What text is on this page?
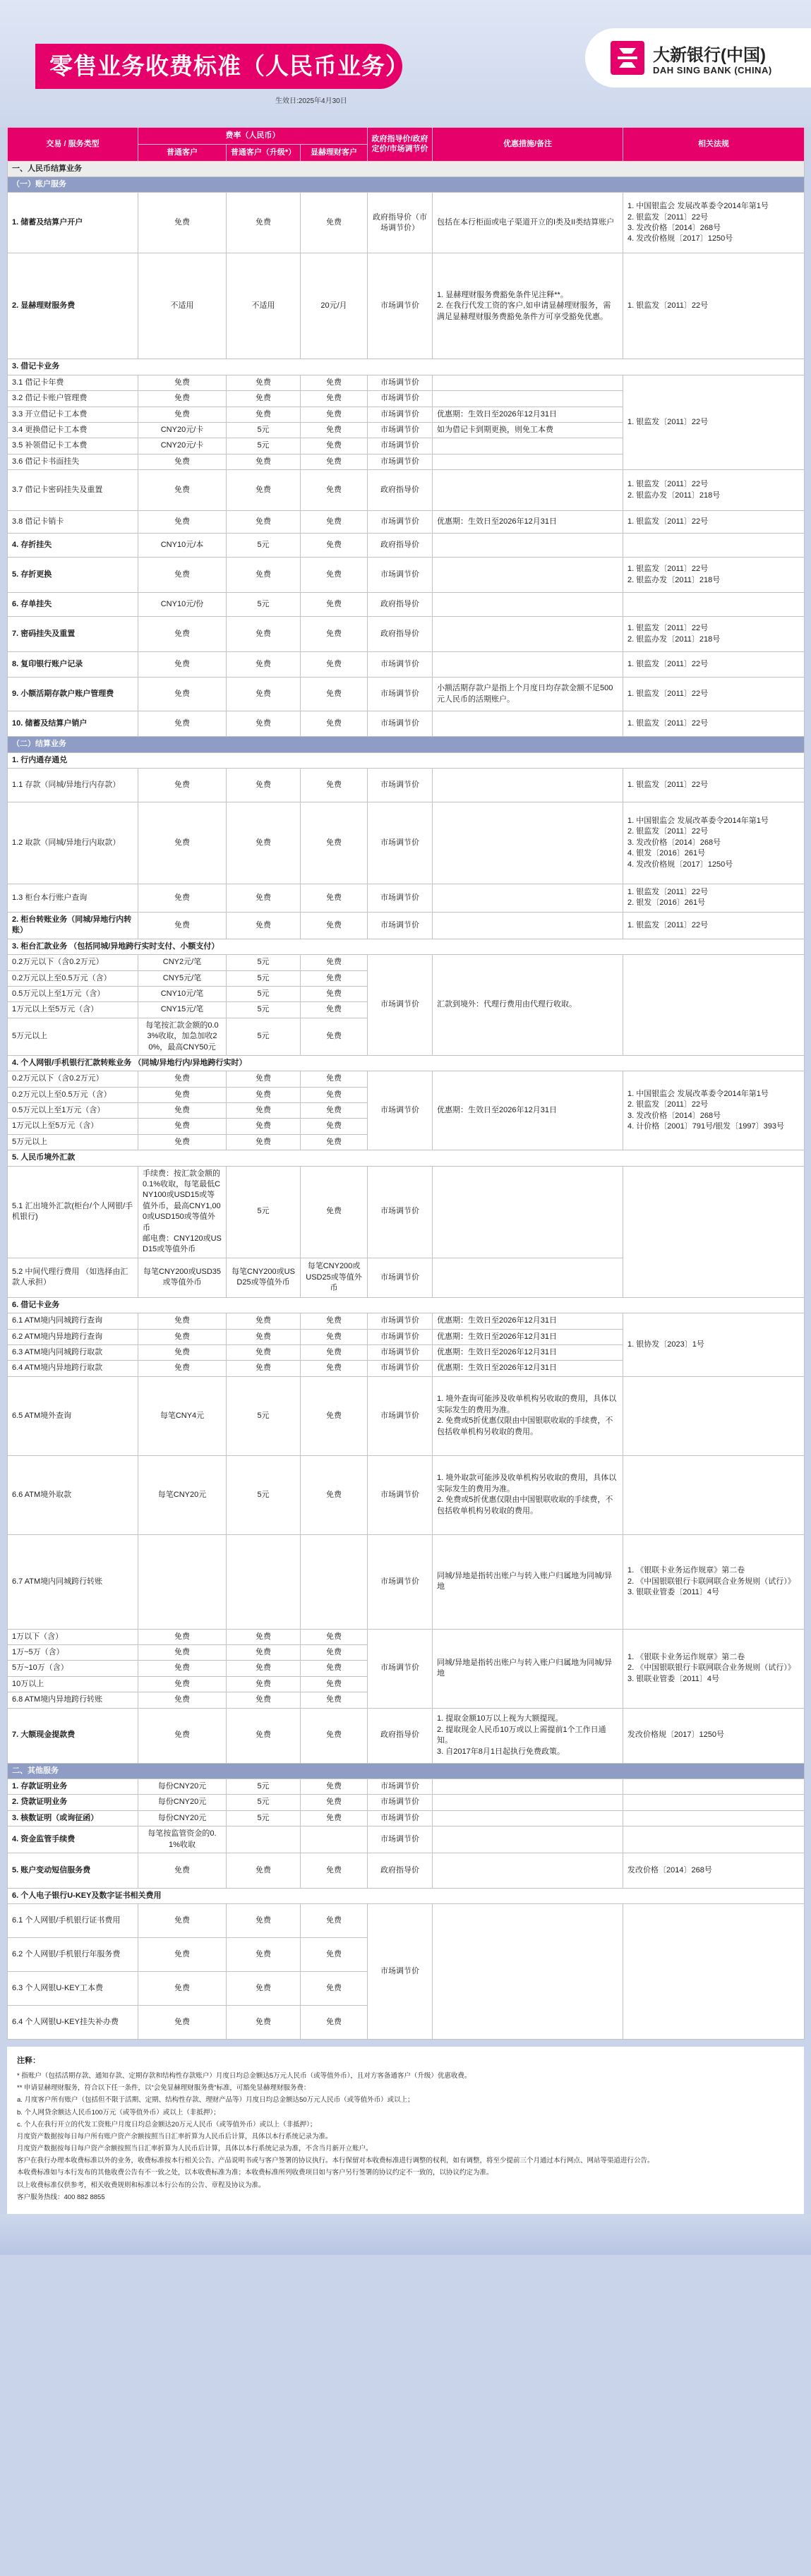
零售业务收费标准（人民币业务）
生效日:2025年4月30日
大新银行(中国)
DAH SING BANK (CHINA)
交易 / 服务类型	费率（人民币）			政府指导价/政府定价/市场调节价	优惠措施/备注	相关法规
	普通客户	普通客户（升级*）	显赫理财客户			
一、人民币结算业务						
（一）账户服务						
1. 储蓄及结算户开户	免费	免费	免费	政府指导价（市场调节价）	包括在本行柜面或电子渠道开立的I类及II类结算账户	1. 中国银监会 发展改革委令2014年第1号
2. 银监发〔2011〕22号
3. 发改价格〔2014〕268号
4. 发改价格规〔2017〕1250号
2. 显赫理财服务费	不适用	不适用	20元/月	市场调节价	1. 显赫理财服务费豁免条件见注释**。
2. 在我行代发工资的客户,如申请显赫理财服务，需满足显赫理财服务费豁免条件方可享受豁免优惠。	1. 银监发〔2011〕22号
3. 借记卡业务						
3.1 借记卡年费	免费	免费	免费	市场调节价		1. 银监发〔2011〕22号
3.2 借记卡账户管理费	免费	免费	免费	市场调节价		
3.3 开立借记卡工本费	免费	免费	免费	市场调节价	优惠期：生效日至2026年12月31日	
3.4 更换借记卡工本费	CNY20元/卡	5元	免费	市场调节价	如为借记卡到期更换，则免工本费	
3.5 补领借记卡工本费	CNY20元/卡	5元	免费	市场调节价		
3.6 借记卡书面挂失	免费	免费	免费	市场调节价		
3.7 借记卡密码挂失及重置	免费	免费	免费	政府指导价		1. 银监发〔2011〕22号
2. 银监办发〔2011〕218号
3.8 借记卡销卡	免费	免费	免费	市场调节价	优惠期：生效日至2026年12月31日	1. 银监发〔2011〕22号
4. 存折挂失	CNY10元/本	5元	免费	政府指导价		
5. 存折更换	免费	免费	免费	市场调节价		1. 银监发〔2011〕22号
2. 银监办发〔2011〕218号
6. 存单挂失	CNY10元/份	5元	免费	政府指导价		
7. 密码挂失及重置	免费	免费	免费	政府指导价		1. 银监发〔2011〕22号
2. 银监办发〔2011〕218号
8. 复印银行账户记录	免费	免费	免费	市场调节价		1. 银监发〔2011〕22号
9. 小额活期存款户账户管理费	免费	免费	免费	市场调节价	小额活期存款户是指上个月度日均存款金额不足500元人民币的活期账户。	1. 银监发〔2011〕22号
10. 储蓄及结算户销户	免费	免费	免费	市场调节价		1. 银监发〔2011〕22号
（二）结算业务						
1. 行内通存通兑						
1.1 存款（同城/异地行内存款）	免费	免费	免费	市场调节价		1. 银监发〔2011〕22号
1.2 取款（同城/异地行内取款）	免费	免费	免费	市场调节价		1. 中国银监会 发展改革委令2014年第1号
2. 银监发〔2011〕22号
3. 发改价格〔2014〕268号
4. 银发〔2016〕261号
4. 发改价格规〔2017〕1250号
1.3 柜台本行账户查询	免费	免费	免费	市场调节价		1. 银监发〔2011〕22号
2. 银发〔2016〕261号
2. 柜台转账业务（同城/异地行内转账）	免费	免费	免费	市场调节价		1. 银监发〔2011〕22号
3. 柜台汇款业务 （包括同城/异地跨行实时支付、小额支付）						
0.2万元以下（含0.2万元）	CNY2元/笔	5元	免费	市场调节价	汇款到境外：代理行费用由代理行收取。	
0.2万元以上至0.5万元（含）	CNY5元/笔	5元	免费			
0.5万元以上至1万元（含）	CNY10元/笔	5元	免费			
1万元以上至5万元（含）	CNY15元/笔	5元	免费			
5万元以上	每笔按汇款金额的0.03%收取，加急加收20%，最高CNY50元	5元	免费			
4. 个人网银/手机银行汇款转账业务 （同城/异地行内/异地跨行实时）						
0.2万元以下（含0.2万元）	免费	免费	免费	市场调节价	优惠期：生效日至2026年12月31日	1. 中国银监会 发展改革委令2014年第1号
2. 银监发〔2011〕22号
3. 发改价格〔2014〕268号
4. 计价格〔2001〕791号/银发〔1997〕393号
0.2万元以上至0.5万元（含）	免费	免费	免费			
0.5万元以上至1万元（含）	免费	免费	免费			
1万元以上至5万元（含）	免费	免费	免费			
5万元以上	免费	免费	免费			
5. 人民币境外汇款						
5.1 汇出境外汇款(柜台/个人网银/手机银行)	手续费：按汇款金额的0.1%收取，每笔最低CNY100或USD15或等值外币，最高CNY1,000或USD150或等值外币
邮电费：CNY120或USD15或等值外币	5元	免费	市场调节价		
5.2 中间代理行费用 （如选择由汇款人承担）	每笔CNY200或USD35或等值外币	每笔CNY200或USD25或等值外币	每笔CNY200或USD25或等值外币	市场调节价		
6. 借记卡业务						
6.1 ATM境内同城跨行查询	免费	免费	免费	市场调节价	优惠期：生效日至2026年12月31日	1. 银协发〔2023〕1号
6.2 ATM境内异地跨行查询	免费	免费	免费	市场调节价	优惠期：生效日至2026年12月31日	
6.3 ATM境内同城跨行取款	免费	免费	免费	市场调节价	优惠期：生效日至2026年12月31日	
6.4 ATM境内异地跨行取款	免费	免费	免费	市场调节价	优惠期：生效日至2026年12月31日	
6.5 ATM境外查询	每笔CNY4元	5元	免费	市场调节价	1. 境外查询可能涉及收单机构另收取的费用，具体以实际发生的费用为准。
2. 免费或5折优惠仅限由中国银联收取的手续费，不包括收单机构另收取的费用。	
6.6 ATM境外取款	每笔CNY20元	5元	免费	市场调节价	1. 境外取款可能涉及收单机构另收取的费用，具体以实际发生的费用为准。
2. 免费或5折优惠仅限由中国银联收取的手续费，不包括收单机构另收取的费用。	
6.7 ATM境内同城跨行转账				市场调节价	同城/异地是指转出账户与转入账户归属地为同城/异地	1. 《银联卡业务运作规章》第二卷
2. 《中国银联银行卡联网联合业务规则（试行）》
3. 银联业管委〔2011〕4号
1万以下（含）	免费	免费	免费	市场调节价	同城/异地是指转出账户与转入账户归属地为同城/异地	1. 《银联卡业务运作规章》第二卷
2. 《中国银联银行卡联网联合业务规则（试行）》
3. 银联业管委〔2011〕4号
1万~5万（含）	免费	免费	免费			
5万~10万（含）	免费	免费	免费			
10万以上	免费	免费	免费			
6.8 ATM境内异地跨行转账	免费	免费	免费			
7. 大额现金提款费	免费	免费	免费	政府指导价	1. 提取金额10万以上视为大额提现。
2. 提取现金人民币10万或以上需提前1个工作日通知。
3. 自2017年8月1日起执行免费政策。	发改价格规〔2017〕1250号
二、其他服务						
1. 存款证明业务	每份CNY20元	5元	免费	市场调节价		
2. 贷款证明业务	每份CNY20元	5元	免费	市场调节价		
3. 核数证明（或询征函）	每份CNY20元	5元	免费	市场调节价		
4. 资金监管手续费	每笔按监管资金的0.1%收取			市场调节价		
5. 账户变动短信服务费	免费	免费	免费	政府指导价		发改价格〔2014〕268号
6. 个人电子银行U-KEY及数字证书相关费用						
6.1 个人网银/手机银行证书费用	免费	免费	免费	市场调节价		
6.2 个人网银/手机银行年服务费	免费	免费	免费			
6.3 个人网银U-KEY工本费	免费	免费	免费			
6.4 个人网银U-KEY挂失补办费	免费	免费	免费			
注释：

* 指账户（包括活期存款、通知存款、定期存款和结构性存款账户）月度日均总金额达5万元人民币（或等值外币），且对方客备通客户（升级）优惠收费。

** 申请显赫理财服务，符合以下任一条件，以“会免显赫理财服务费”标准，可豁免显赫理财服务费：

a. 月度客户所有账户（包括但不限于活期、定期、结构性存款、理财产品等）月度日均总金额达50万元人民币（或等值外币）或以上；

b. 个人网贷余额达人民币100万元（或等值外币）或以上（非抵押）；

c. 个人在我行开立的代发工资账户月度日均总金额达20万元人民币（或等值外币）或以上（非抵押）；

月度资产数据按每日每户所有账户资产余额按照当日汇率折算为人民币后计算，具体以本行系统记录为准。

月度资产数据按每日每户资产余额按照当日汇率折算为人民币后计算，具体以本行系统记录为准，不含当月新开立账户。

客户在我行办理本收费标准以外的业务，收费标准按本行相关公告、产品说明书或与客户签署的协议执行。本行保留对本收费标准进行调整的权利，如有调整，将至少提前三个月通过本行网点、网站等渠道进行公告。

本收费标准如与本行发布的其他收费公告有不一致之处，以本收费标准为准；本收费标准所列收费项目如与客户另行签署的协议约定不一致的，以协议约定为准。

以上收费标准仅供参考，相关收费规则和标准以本行公布的公告、章程及协议为准。

客户服务热线：400 882 8855
